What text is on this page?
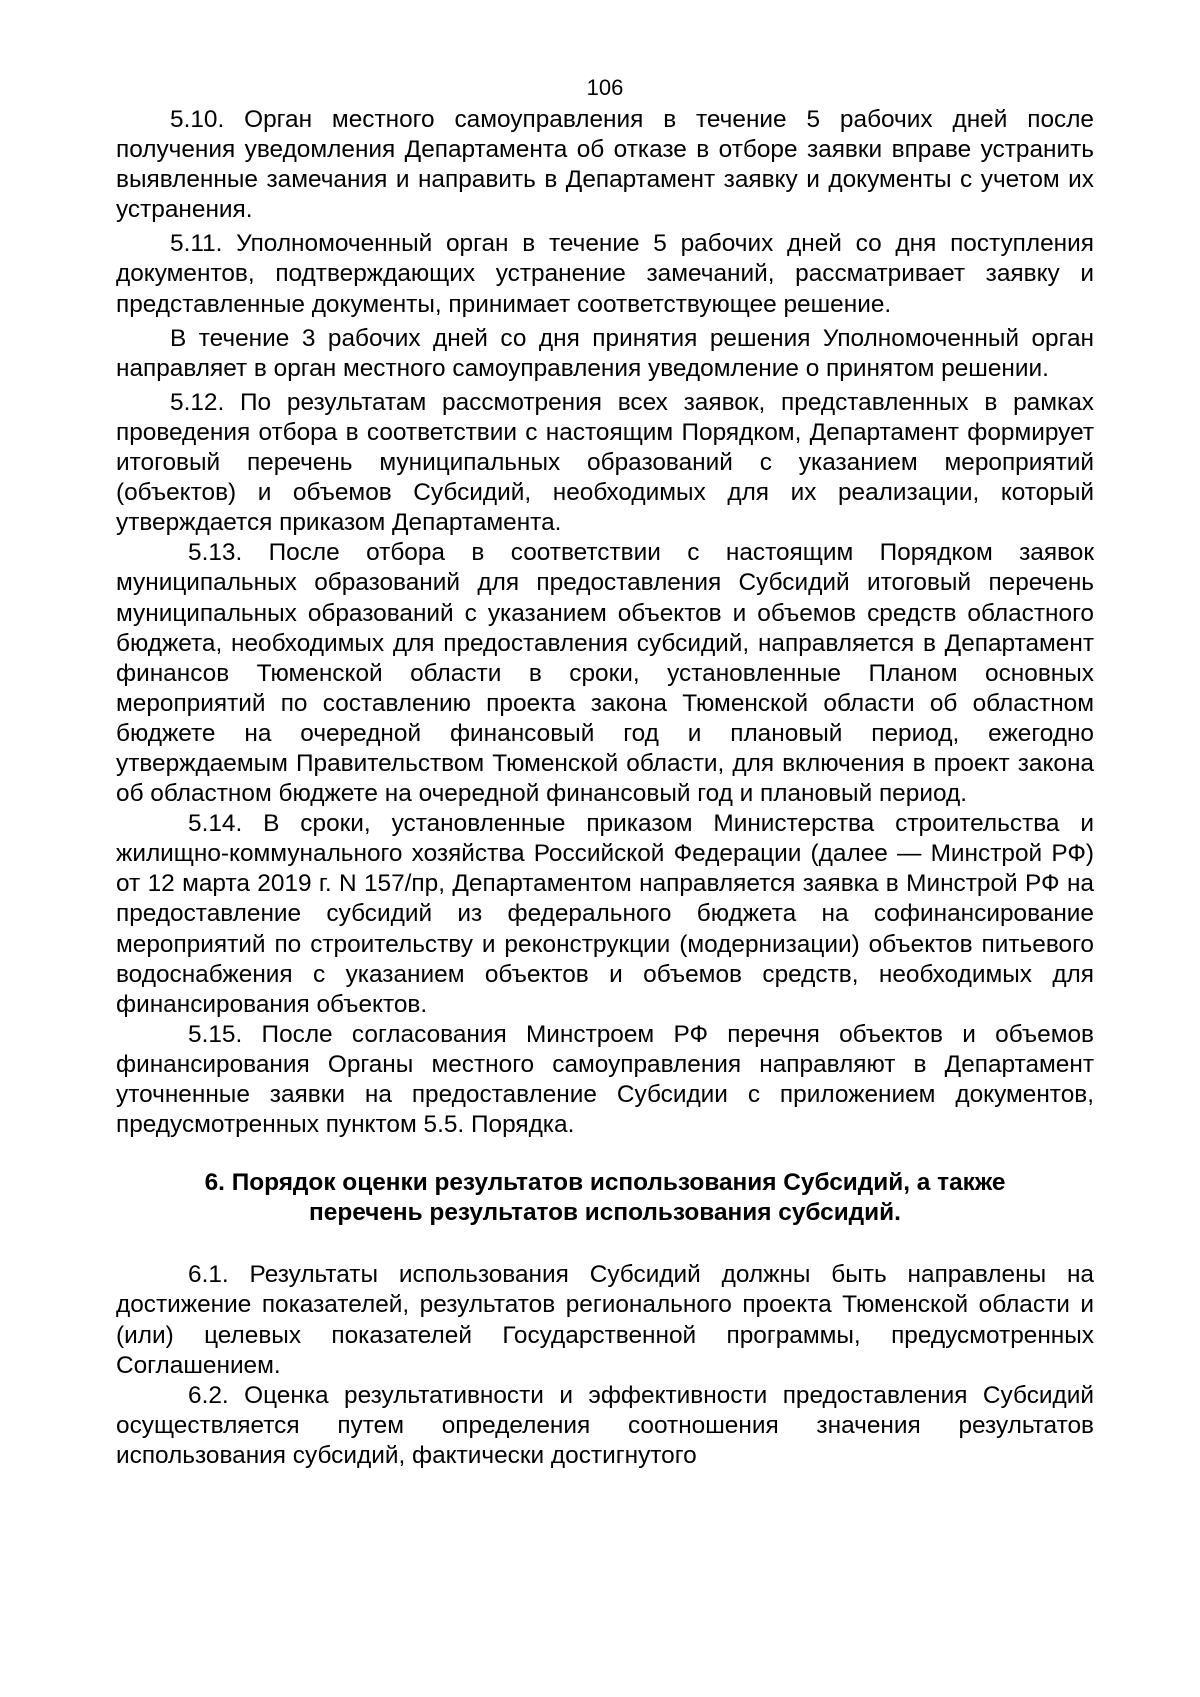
106

5.10. Орган местного самоуправления в течение 5 рабочих дней после получения уведомления Департамента об отказе в отборе заявки вправе устранить выявленные замечания и направить в Департамент заявку и документы с учетом их устранения.

5.11. Уполномоченный орган в течение 5 рабочих дней со дня поступления документов, подтверждающих устранение замечаний, рассматривает заявку и представленные документы, принимает соответствующее решение.

В течение 3 рабочих дней со дня принятия решения Уполномоченный орган направляет в орган местного самоуправления уведомление о принятом решении.

5.12. По результатам рассмотрения всех заявок, представленных в рамках проведения отбора в соответствии с настоящим Порядком, Департамент формирует итоговый перечень муниципальных образований с указанием мероприятий (объектов) и объемов Субсидий, необходимых для их реализации, который утверждается приказом Департамента.

5.13. После отбора в соответствии с настоящим Порядком заявок муниципальных образований для предоставления Субсидий итоговый перечень муниципальных образований с указанием объектов и объемов средств областного бюджета, необходимых для предоставления субсидий, направляется в Департамент финансов Тюменской области в сроки, установленные Планом основных мероприятий по составлению проекта закона Тюменской области об областном бюджете на очередной финансовый год и плановый период, ежегодно утверждаемым Правительством Тюменской области, для включения в проект закона об областном бюджете на очередной финансовый год и плановый период.

5.14. В сроки, установленные приказом Министерства строительства и жилищно-коммунального хозяйства Российской Федерации (далее — Минстрой РФ) от 12 марта 2019 г. N 157/пр, Департаментом направляется заявка в Минстрой РФ на предоставление субсидий из федерального бюджета на софинансирование мероприятий по строительству и реконструкции (модернизации) объектов питьевого водоснабжения с указанием объектов и объемов средств, необходимых для финансирования объектов.

5.15. После согласования Минстроем РФ перечня объектов и объемов финансирования Органы местного самоуправления направляют в Департамент уточненные заявки на предоставление Субсидии с приложением документов, предусмотренных пунктом 5.5. Порядка.

6. Порядок оценки результатов использования Субсидий, а также
перечень результатов использования субсидий.

6.1. Результаты использования Субсидий должны быть направлены на достижение показателей, результатов регионального проекта Тюменской области и (или) целевых показателей Государственной программы, предусмотренных Соглашением.

6.2. Оценка результативности и эффективности предоставления Субсидий осуществляется путем определения соотношения значения результатов использования субсидий, фактически достигнутого
